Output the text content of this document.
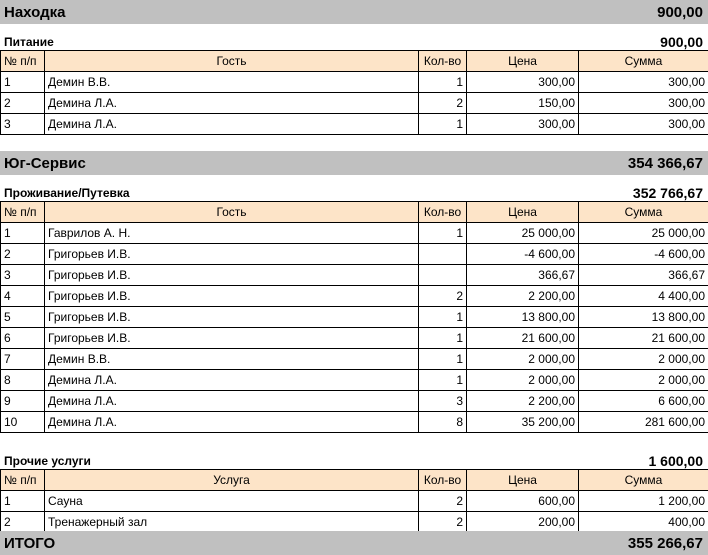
Находка	900,00
Питание	900,00
№ п/п	Гость	Кол-во	Цена	Сумма
1	Демин В.В.	1	300,00	300,00
2	Демина Л.А.	2	150,00	300,00
3	Демина Л.А.	1	300,00	300,00
Юг-Сервис	354 366,67
Проживание/Путевка	352 766,67
№ п/п	Гость	Кол-во	Цена	Сумма
1	Гаврилов А. Н.	1	25 000,00	25 000,00
2	Григорьев И.В.		-4 600,00	-4 600,00
3	Григорьев И.В.		366,67	366,67
4	Григорьев И.В.	2	2 200,00	4 400,00
5	Григорьев И.В.	1	13 800,00	13 800,00
6	Григорьев И.В.	1	21 600,00	21 600,00
7	Демин В.В.	1	2 000,00	2 000,00
8	Демина Л.А.	1	2 000,00	2 000,00
9	Демина Л.А.	3	2 200,00	6 600,00
10	Демина Л.А.	8	35 200,00	281 600,00
Прочие услуги	1 600,00
№ п/п	Услуга	Кол-во	Цена	Сумма
1	Сауна	2	600,00	1 200,00
2	Тренажерный зал	2	200,00	400,00
ИТОГО	355 266,67
